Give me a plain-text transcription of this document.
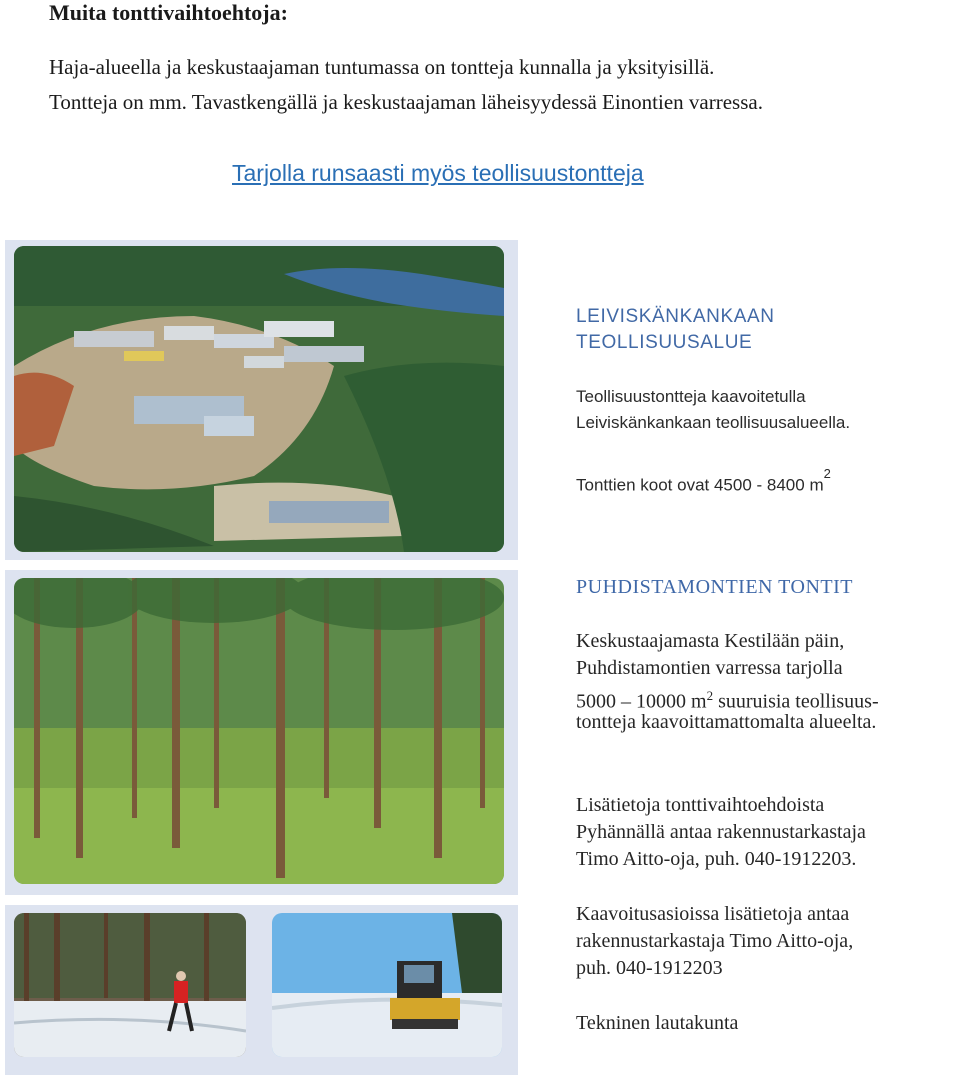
Muita tonttivaihtoehtoja:
Haja-alueella ja keskustaajaman tuntumassa on tontteja kunnalla ja yksityisillä.
Tontteja on mm. Tavastkengällä ja keskustaajaman läheisyydessä Einontien varressa.
Tarjolla runsaasti myös teollisuustontteja
LEIVISKÄNKANKAAN
TEOLLISUUSALUE
Teollisuustontteja kaavoitetulla
Leiviskänkankaan teollisuusalueella.
Tonttien koot ovat 4500 - 8400 $m^2$
PUHDISTAMONTIEN TONTIT
Keskustaajamasta Kestilään päin,
Puhdistamontien varressa tarjolla
5000 – 10000 $m^2$ suuruisia teollisuus-
tontteja kaavoittamattomalta alueelta.
Lisätietoja tonttivaihtoehdoista
Pyhännällä antaa rakennustarkastaja
Timo Aitto-oja, puh. 040-1912203.
Kaavoitusasioissa lisätietoja antaa
rakennustarkastaja Timo Aitto-oja,
puh. 040-1912203
Tekninen lautakunta
